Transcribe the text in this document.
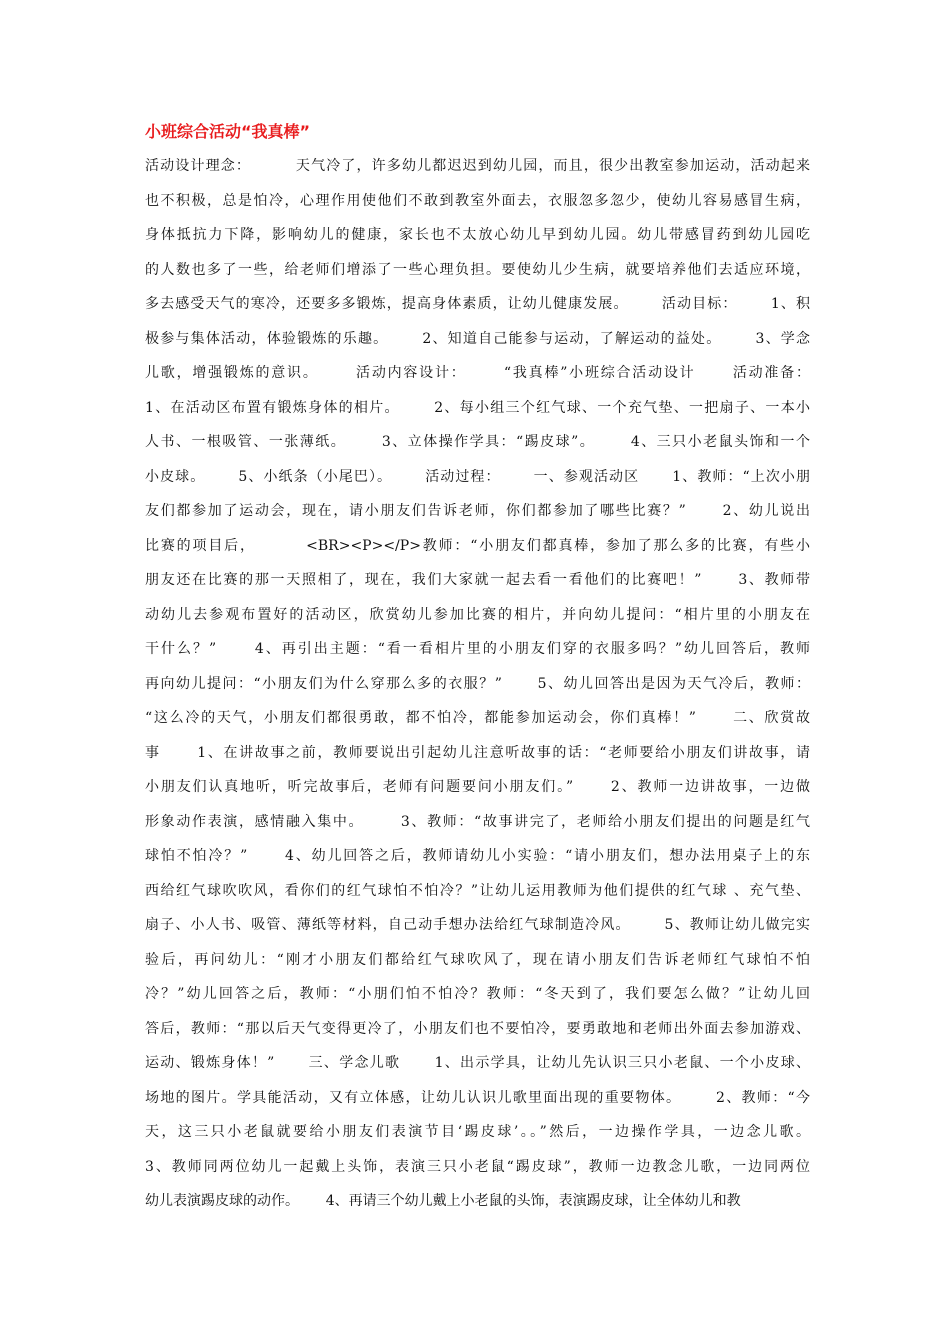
小班综合活动“我真棒”
活动设计理念：        天气冷了，许多幼儿都迟迟到幼儿园，而且，很少出教室参加运动，活动起来
也不积极，总是怕冷，心理作用使他们不敢到教室外面去，衣服忽多忽少，使幼儿容易感冒生病，
身体抵抗力下降，影响幼儿的健康，家长也不太放心幼儿早到幼儿园。幼儿带感冒药到幼儿园吃
的人数也多了一些，给老师们增添了一些心理负担。要使幼儿少生病，就要培养他们去适应环境，
多去感受天气的寒冷，还要多多锻炼，提高身体素质，让幼儿健康发展。      活动目标：      1、积
极参与集体活动，体验锻炼的乐趣。      2、知道自己能参与运动，了解运动的益处。      3、学念
儿歌，增强锻炼的意识。      活动内容设计：      “我真棒”小班综合活动设计      活动准备：
1、在活动区布置有锻炼身体的相片。      2、每小组三个红气球、一个充气垫、一把扇子、一本小
人书、一根吸管、一张薄纸。      3、立体操作学具：“踢皮球”。      4、三只小老鼠头饰和一个
小皮球。      5、小纸条（小尾巴）。      活动过程：      一、参观活动区      1、教师：“上次小朋
友们都参加了运动会，现在，请小朋友们告诉老师，你们都参加了哪些比赛？”      2、幼儿说出
比赛的项目后，        <BR><P></P>教师：“小朋友们都真棒，参加了那么多的比赛，有些小
朋友还在比赛的那一天照相了，现在，我们大家就一起去看一看他们的比赛吧！”      3、教师带
动幼儿去参观布置好的活动区，欣赏幼儿参加比赛的相片，并向幼儿提问：“相片里的小朋友在
干什么？”      4、再引出主题：“看一看相片里的小朋友们穿的衣服多吗？”幼儿回答后，教师
再向幼儿提问：“小朋友们为什么穿那么多的衣服？”      5、幼儿回答出是因为天气冷后，教师：
“这么冷的天气，小朋友们都很勇敢，都不怕冷，都能参加运动会，你们真棒！”      二、欣赏故
事      1、在讲故事之前，教师要说出引起幼儿注意听故事的话：“老师要给小朋友们讲故事，请
小朋友们认真地听，听完故事后，老师有问题要问小朋友们。”      2、教师一边讲故事，一边做
形象动作表演，感情融入集中。      3、教师：“故事讲完了，老师给小朋友们提出的问题是红气
球怕不怕冷？”      4、幼儿回答之后，教师请幼儿小实验：“请小朋友们，想办法用桌子上的东
西给红气球吹吹风，看你们的红气球怕不怕冷？”让幼儿运用教师为他们提供的红气球 、充气垫、
扇子、小人书、吸管、薄纸等材料，自己动手想办法给红气球制造冷风。      5、教师让幼儿做完实
验后，再问幼儿：“刚才小朋友们都给红气球吹风了，现在请小朋友们告诉老师红气球怕不怕
冷？”幼儿回答之后，教师：“小朋们怕不怕冷？教师：“冬天到了，我们要怎么做？”让幼儿回
答后，教师：“那以后天气变得更冷了，小朋友们也不要怕冷，要勇敢地和老师出外面去参加游戏、
运动、锻炼身体！”      三、学念儿歌      1、出示学具，让幼儿先认识三只小老鼠、一个小皮球、
场地的图片。学具能活动，又有立体感，让幼儿认识儿歌里面出现的重要物体。      2、教师：“今
天，这三只小老鼠就要给小朋友们表演节目‘踢皮球’。。”然后，一边操作学具，一边念儿歌。
3、教师同两位幼儿一起戴上头饰，表演三只小老鼠“踢皮球”，教师一边教念儿歌，一边同两位
幼儿表演踢皮球的动作。      4、再请三个幼儿戴上小老鼠的头饰，表演踢皮球，让全体幼儿和教
